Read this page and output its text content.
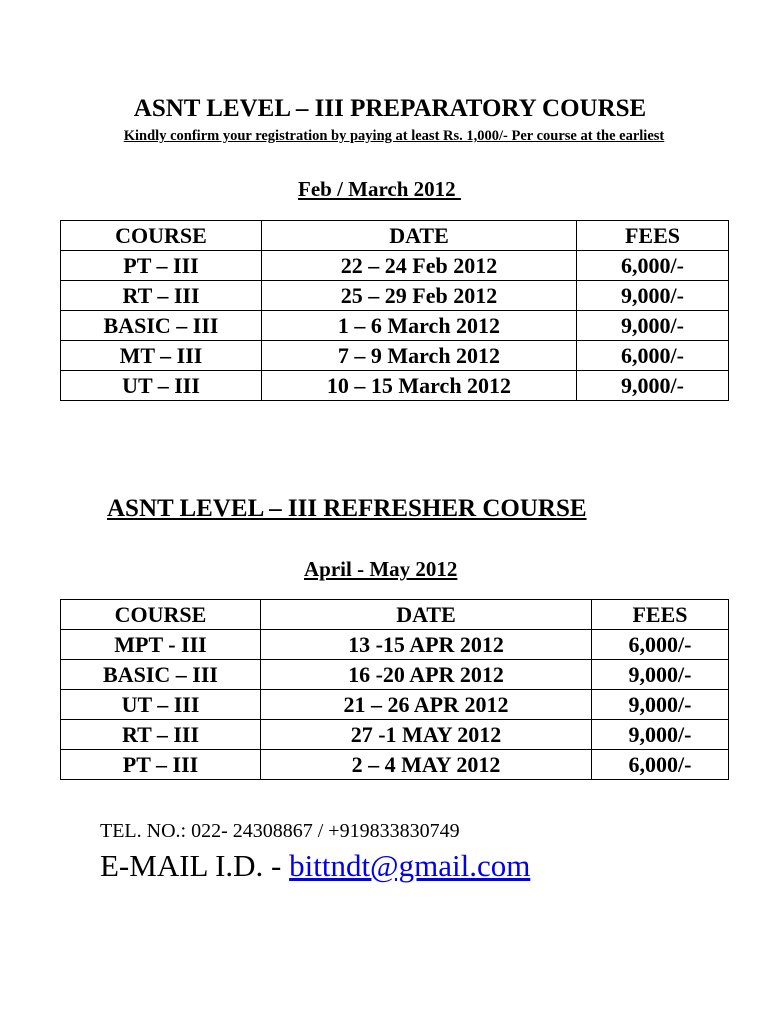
ASNT LEVEL – III PREPARATORY COURSE
Kindly confirm your registration by paying at least Rs. 1,000/- Per course at the earliest
Feb / March 2012
COURSE	DATE	FEES
PT – III	22 – 24 Feb 2012	6,000/-
RT – III	25 – 29 Feb 2012	9,000/-
BASIC – III	1 – 6 March 2012	9,000/-
MT – III	7 – 9 March 2012	6,000/-
UT – III	10 – 15 March 2012	9,000/-
ASNT LEVEL – III REFRESHER COURSE
April - May 2012
COURSE	DATE	FEES
MPT - III	13 -15 APR 2012	6,000/-
BASIC – III	16 -20 APR 2012	9,000/-
UT – III	21 – 26 APR 2012	9,000/-
RT – III	27 -1 MAY 2012	9,000/-
PT – III	2 – 4 MAY 2012	6,000/-
TEL. NO.: 022- 24308867 / +919833830749
E-MAIL I.D. - bittndt@gmail.com
